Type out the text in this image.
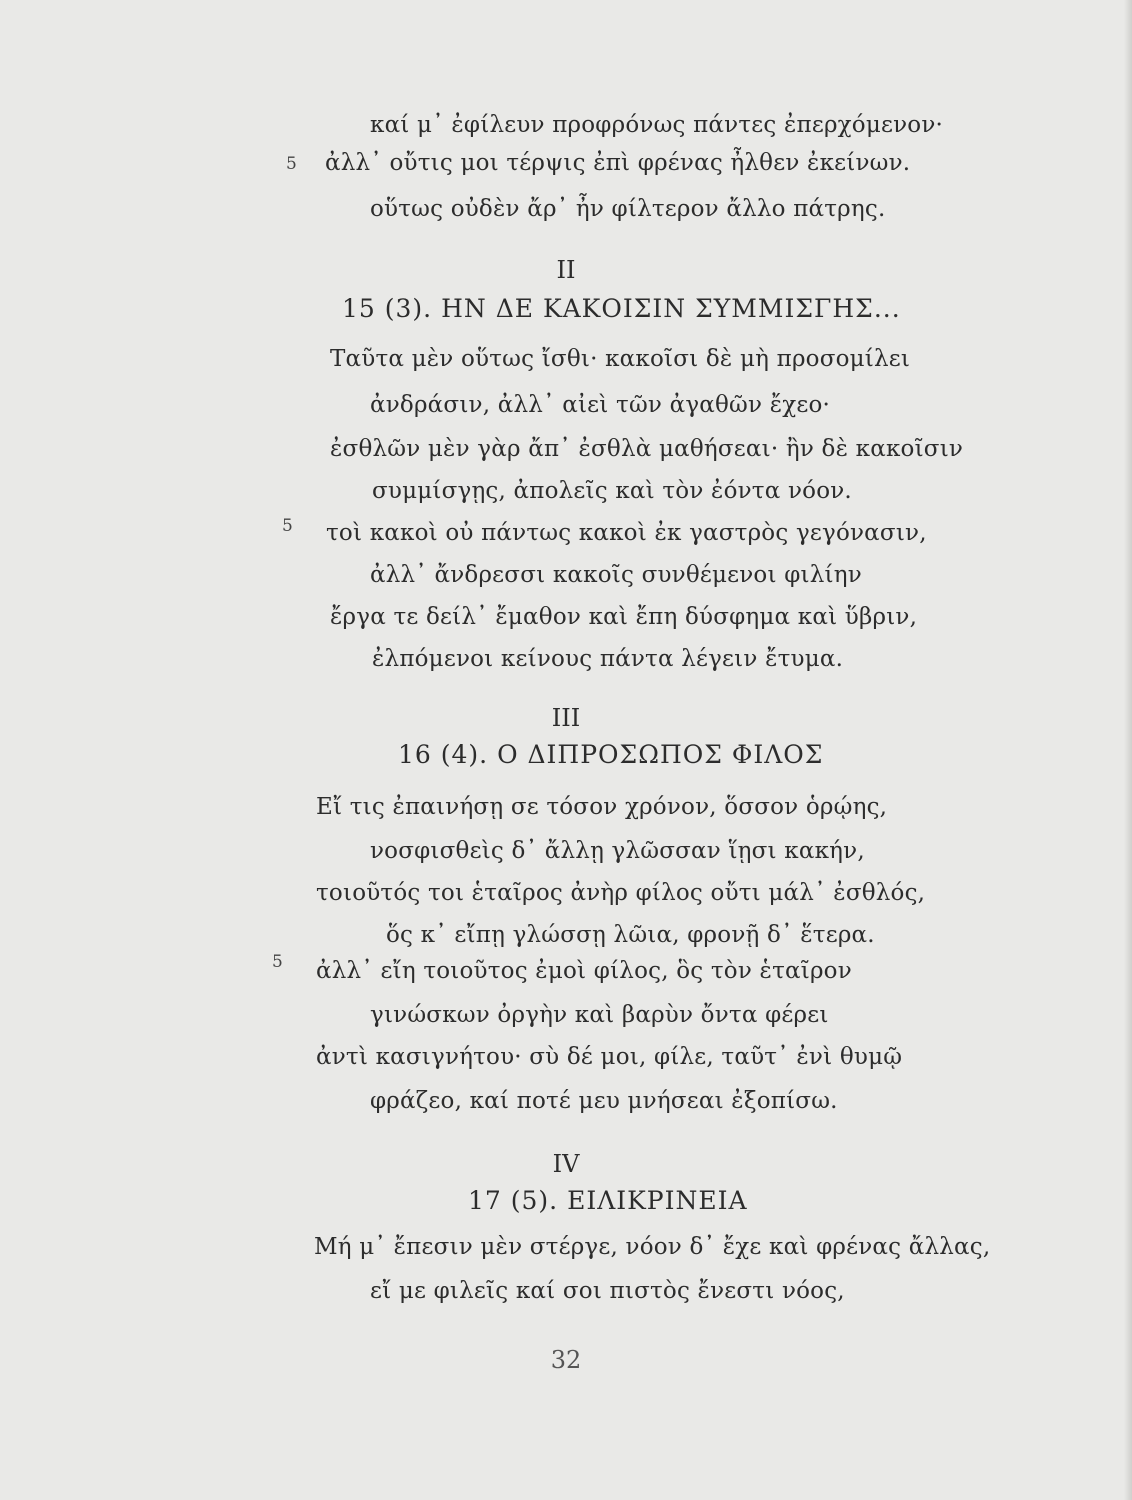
καί μ᾽ ἐφίλευν προφρόνως πάντες ἐπερχόμενον·
5 ἀλλ᾽ οὔτις μοι τέρψις ἐπὶ φρένας ἦλθεν ἐκείνων.
οὕτως οὐδὲν ἄρ᾽ ἦν φίλτερον ἄλλο πάτρης.
II
15 (3). ΗΝ ΔΕ ΚΑΚΟΙΣΙΝ ΣΥΜΜΙΣΓΗΣ...
Ταῦτα μὲν οὕτως ἴσθι· κακοῖσι δὲ μὴ προσομίλει
ἀνδράσιν, ἀλλ᾽ αἰεὶ τῶν ἀγαθῶν ἔχεο·
ἐσθλῶν μὲν γὰρ ἄπ᾽ ἐσθλὰ μαθήσεαι· ἢν δὲ κακοῖσιν
συμμίσγῃς, ἀπολεῖς καὶ τὸν ἐόντα νόον.
5 τοὶ κακοὶ οὐ πάντως κακοὶ ἐκ γαστρὸς γεγόνασιν,
ἀλλ᾽ ἄνδρεσσι κακοῖς συνθέμενοι φιλίην
ἔργα τε δείλ᾽ ἔμαθον καὶ ἔπη δύσφημα καὶ ὕβριν,
ἐλπόμενοι κείνους πάντα λέγειν ἔτυμα.
III
16 (4). Ο ΔΙΠΡΟΣΩΠΟΣ ΦΙΛΟΣ
Εἴ τις ἐπαινήσῃ σε τόσον χρόνον, ὅσσον ὁρῴης,
νοσφισθεὶς δ᾽ ἄλλῃ γλῶσσαν ἵῃσι κακήν,
τοιοῦτός τοι ἑταῖρος ἀνὴρ φίλος οὔτι μάλ᾽ ἐσθλός,
ὅς κ᾽ εἴπῃ γλώσσῃ λῶια, φρονῇ δ᾽ ἕτερα.
5 ἀλλ᾽ εἴη τοιοῦτος ἐμοὶ φίλος, ὃς τὸν ἑταῖρον
γινώσκων ὀργὴν καὶ βαρὺν ὄντα φέρει
ἀντὶ κασιγνήτου· σὺ δέ μοι, φίλε, ταῦτ᾽ ἐνὶ θυμῷ
φράζεο, καί ποτέ μευ μνήσεαι ἐξοπίσω.
IV
17 (5). ΕΙΛΙΚΡΙΝΕΙΑ
Μή μ᾽ ἔπεσιν μὲν στέργε, νόον δ᾽ ἔχε καὶ φρένας ἄλλας,
εἴ με φιλεῖς καί σοι πιστὸς ἔνεστι νόος,
32
